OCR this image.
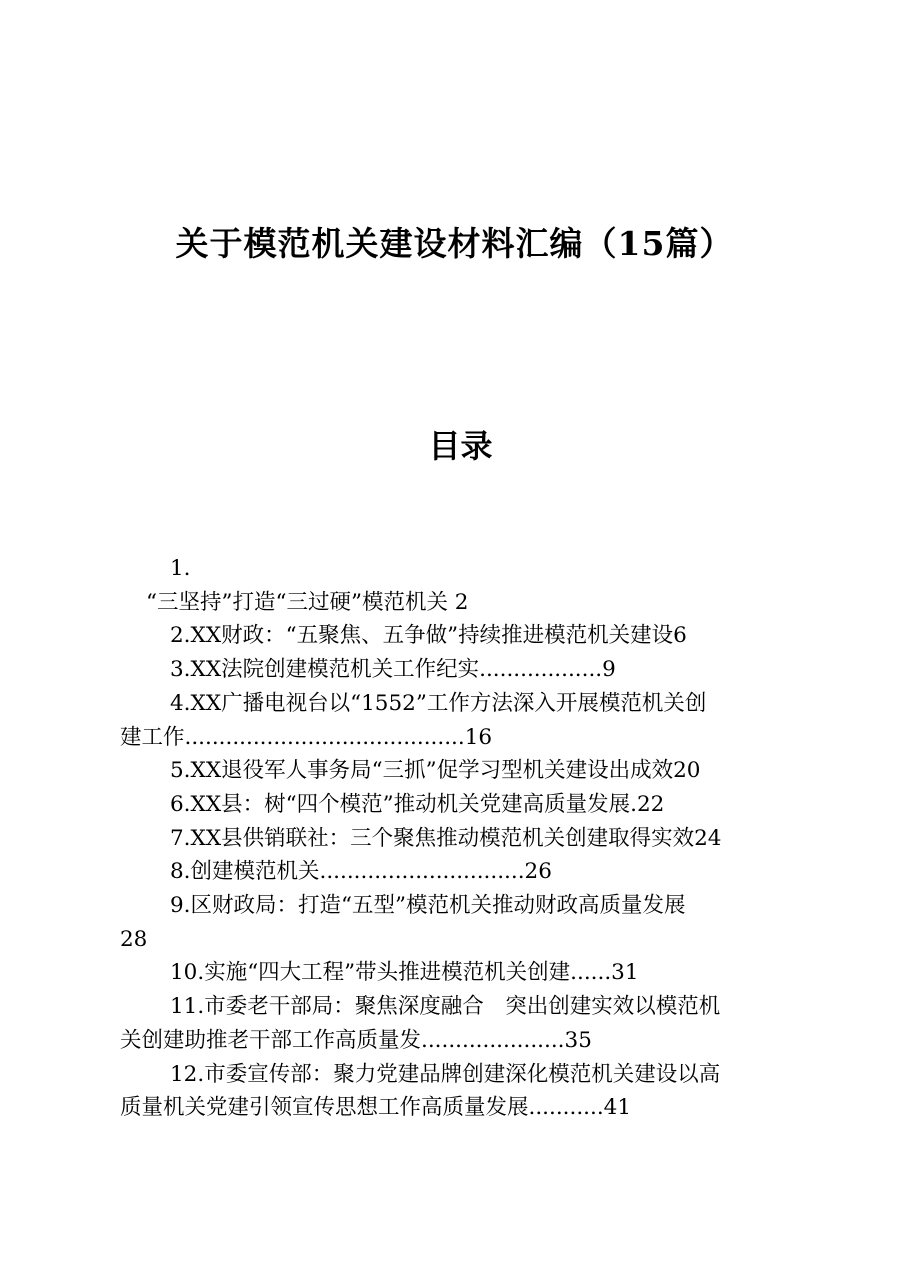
关于模范机关建设材料汇编（15篇）
目录
1.
“三坚持”打造“三过硬”模范机关 2
2.XX财政：“五聚焦、五争做”持续推进模范机关建设6
3.XX法院创建模范机关工作纪实..................9
4.XX广播电视台以“1552”工作方法深入开展模范机关创
建工作.........................................16
5.XX退役军人事务局“三抓”促学习型机关建设出成效20
6.XX县：树“四个模范”推动机关党建高质量发展.22
7.XX县供销联社：三个聚焦推动模范机关创建取得实效24
8.创建模范机关..............................26
9.区财政局：打造“五型”模范机关推动财政高质量发展
28
10.实施“四大工程”带头推进模范机关创建......31
11.市委老干部局：聚焦深度融合　突出创建实效以模范机
关创建助推老干部工作高质量发.....................35
12.市委宣传部：聚力党建品牌创建深化模范机关建设以高
质量机关党建引领宣传思想工作高质量发展...........41
